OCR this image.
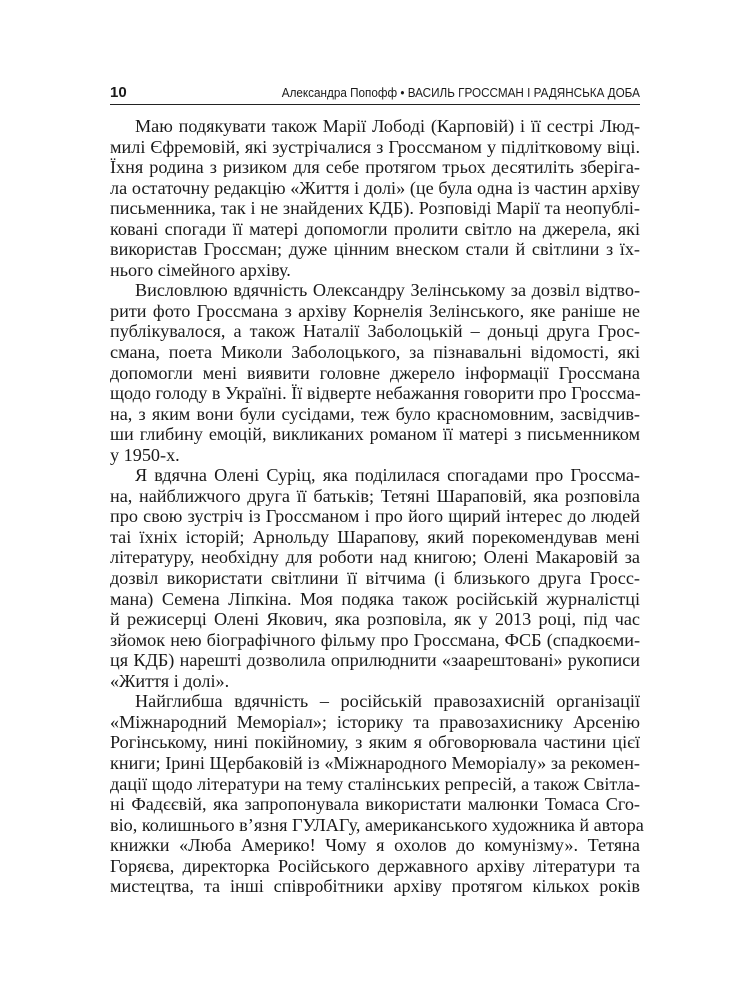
10	Александра Попофф • ВАСИЛЬ ГРОССМАН І РАДЯНСЬКА ДОБА
Маю подякувати також Марії Лободі (Карповій) і її сестрі Люд-
милі Єфремовій, які зустрічалися з Гроссманом у підлітковому віці.
Їхня родина з ризиком для себе протягом трьох десятиліть зберіга-
ла остаточну редакцію «Життя і долі» (це була одна із частин архіву
письменника, так і не знайдених КДБ). Розповіді Марії та неопублі-
ковані спогади її матері допомогли пролити світло на джерела, які
використав Гроссман; дуже цінним внеском стали й світлини з їх-
нього сімейного архіву.
Висловлюю вдячність Олександру Зелінському за дозвіл відтво-
рити фото Гроссмана з архіву Корнелія Зелінського, яке раніше не
публікувалося, а також Наталії Заболоцькій – доньці друга Грос-
смана, поета Миколи Заболоцького, за пізнавальні відомості, які
допомогли мені виявити головне джерело інформації Гроссмана
щодо голоду в Україні. Її відверте небажання говорити про Гроссма-
на, з яким вони були сусідами, теж було красномовним, засвідчив-
ши глибину емоцій, викликаних романом її матері з письменником
у 1950-х.
Я вдячна Олені Суріц, яка поділилася спогадами про Гроссма-
на, найближчого друга її батьків; Тетяні Шараповій, яка розповіла
про свою зустріч із Гроссманом і про його щирий інтерес до людей
таі їхніх історій; Арнольду Шарапову, який порекомендував мені
літературу, необхідну для роботи над книгою; Олені Макаровій за
дозвіл використати світлини її вітчима (і близького друга Гросс-
мана) Семена Ліпкіна. Моя подяка також російській журналістці
й режисерці Олені Якович, яка розповіла, як у 2013 році, під час
зйомок нею біографічного фільму про Гроссмана, ФСБ (спадкоєми-
ця КДБ) нарешті дозволила оприлюднити «заарештовані» рукописи
«Життя і долі».
Найглибша вдячність – російській правозахисній організації
«Міжнародний Меморіал»; історику та правозахиснику Арсенію
Рогінському, нині покійномиу, з яким я обговорювала частини цієї
книги; Ірині Щербаковій із «Міжнародного Меморіалу» за рекомен-
дації щодо літератури на тему сталінських репресій, а також Світла-
ні Фадєєвій, яка запропонувала використати малюнки Томаса Сго-
віо, колишнього в’язня ГУЛАГу, американського художника й автора
книжки «Люба Америко! Чому я охолов до комунізму». Тетяна
Горяєва, директорка Російського державного архіву літератури та
мистецтва, та інші співробітники архіву протягом кількох років
